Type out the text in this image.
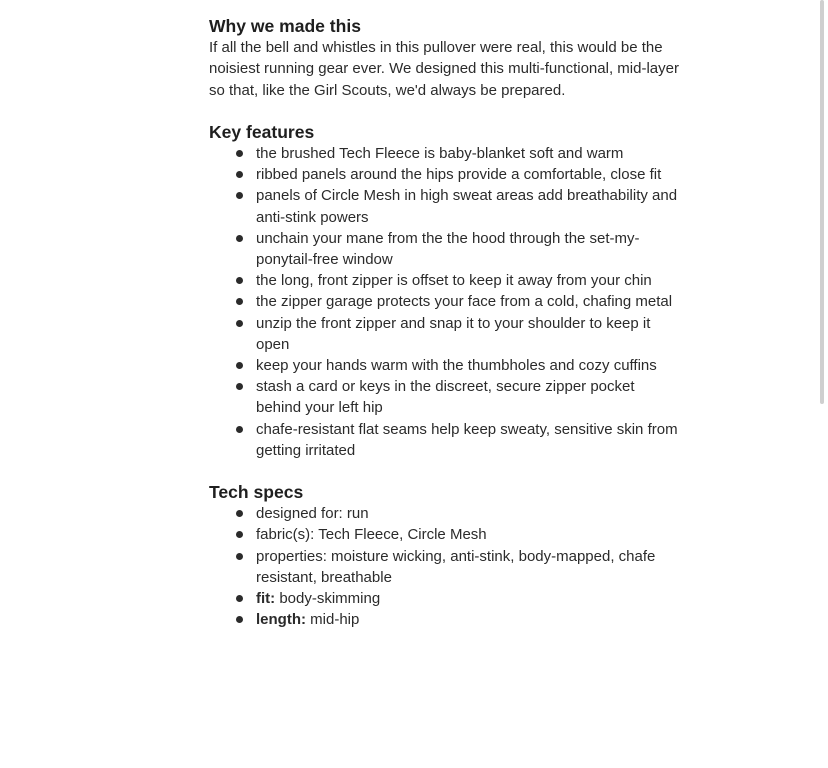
Why we made this

If all the bell and whistles in this pullover were real, this would be the noisiest running gear ever. We designed this multi-functional, mid-layer so that, like the Girl Scouts, we'd always be prepared.

Key features
the brushed Tech Fleece is baby-blanket soft and warm
ribbed panels around the hips provide a comfortable, close fit
panels of Circle Mesh in high sweat areas add breathability and anti-stink powers
unchain your mane from the the hood through the set-my-ponytail-free window
the long, front zipper is offset to keep it away from your chin
the zipper garage protects your face from a cold, chafing metal
unzip the front zipper and snap it to your shoulder to keep it open
keep your hands warm with the thumbholes and cozy cuffins
stash a card or keys in the discreet, secure zipper pocket behind your left hip
chafe-resistant flat seams help keep sweaty, sensitive skin from getting irritated
Tech specs
designed for: run
fabric(s): Tech Fleece, Circle Mesh
properties: moisture wicking, anti-stink, body-mapped, chafe resistant, breathable
fit: body-skimming
length: mid-hip
